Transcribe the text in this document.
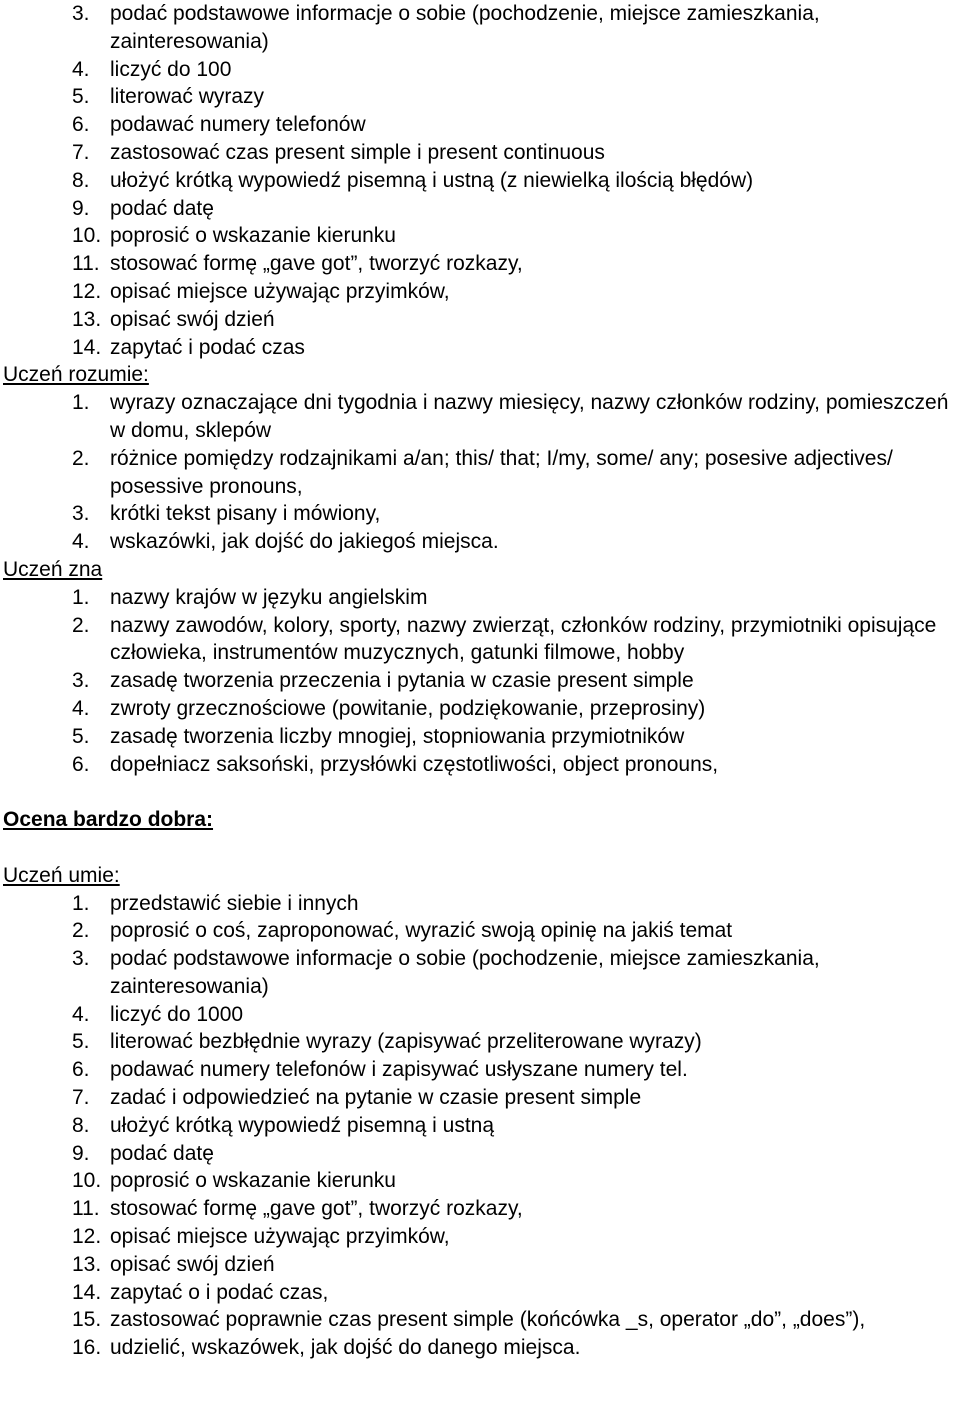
3. podać podstawowe informacje o sobie (pochodzenie, miejsce zamieszkania, zainteresowania)
4. liczyć do 100
5. literować wyrazy
6. podawać numery telefonów
7. zastosować czas present simple i present continuous
8. ułożyć krótką wypowiedź pisemną i ustną (z niewielką ilością błędów)
9. podać datę
10. poprosić o wskazanie kierunku
11. stosować formę „gave got”, tworzyć rozkazy,
12. opisać miejsce używając przyimków,
13. opisać swój dzień
14. zapytać i podać czas
Uczeń rozumie:
1. wyrazy oznaczające dni tygodnia i nazwy miesięcy, nazwy członków rodziny, pomieszczeń w domu, sklepów
2. różnice pomiędzy rodzajnikami a/an; this/ that; I/my, some/ any; posesive adjectives/ posessive pronouns,
3. krótki tekst pisany i mówiony,
4. wskazówki, jak dojść do jakiegoś miejsca.
Uczeń zna
1. nazwy krajów w języku angielskim
2. nazwy zawodów, kolory, sporty, nazwy zwierząt, członków rodziny, przymiotniki opisujące człowieka, instrumentów muzycznych, gatunki filmowe, hobby
3. zasadę tworzenia przeczenia i pytania w czasie present simple
4. zwroty grzecznościowe (powitanie, podziękowanie, przeprosiny)
5. zasadę tworzenia liczby mnogiej, stopniowania przymiotników
6. dopełniacz saksoński, przysłówki częstotliwości, object pronouns,
Ocena bardzo dobra:
Uczeń umie:
1. przedstawić siebie i innych
2. poprosić o coś, zaproponować, wyrazić swoją opinię na jakiś temat
3. podać podstawowe informacje o sobie (pochodzenie, miejsce zamieszkania, zainteresowania)
4. liczyć do 1000
5. literować bezbłędnie wyrazy (zapisywać przeliterowane wyrazy)
6. podawać numery telefonów i zapisywać usłyszane numery tel.
7. zadać i odpowiedzieć na pytanie w czasie present simple
8. ułożyć krótką wypowiedź pisemną i ustną
9. podać datę
10. poprosić o wskazanie kierunku
11. stosować formę „gave got”, tworzyć rozkazy,
12. opisać miejsce używając przyimków,
13. opisać swój dzień
14. zapytać o i podać czas,
15. zastosować poprawnie czas present simple (końcówka _s, operator „do”, „does”),
16. udzielić, wskazówek, jak dojść do danego miejsca.
